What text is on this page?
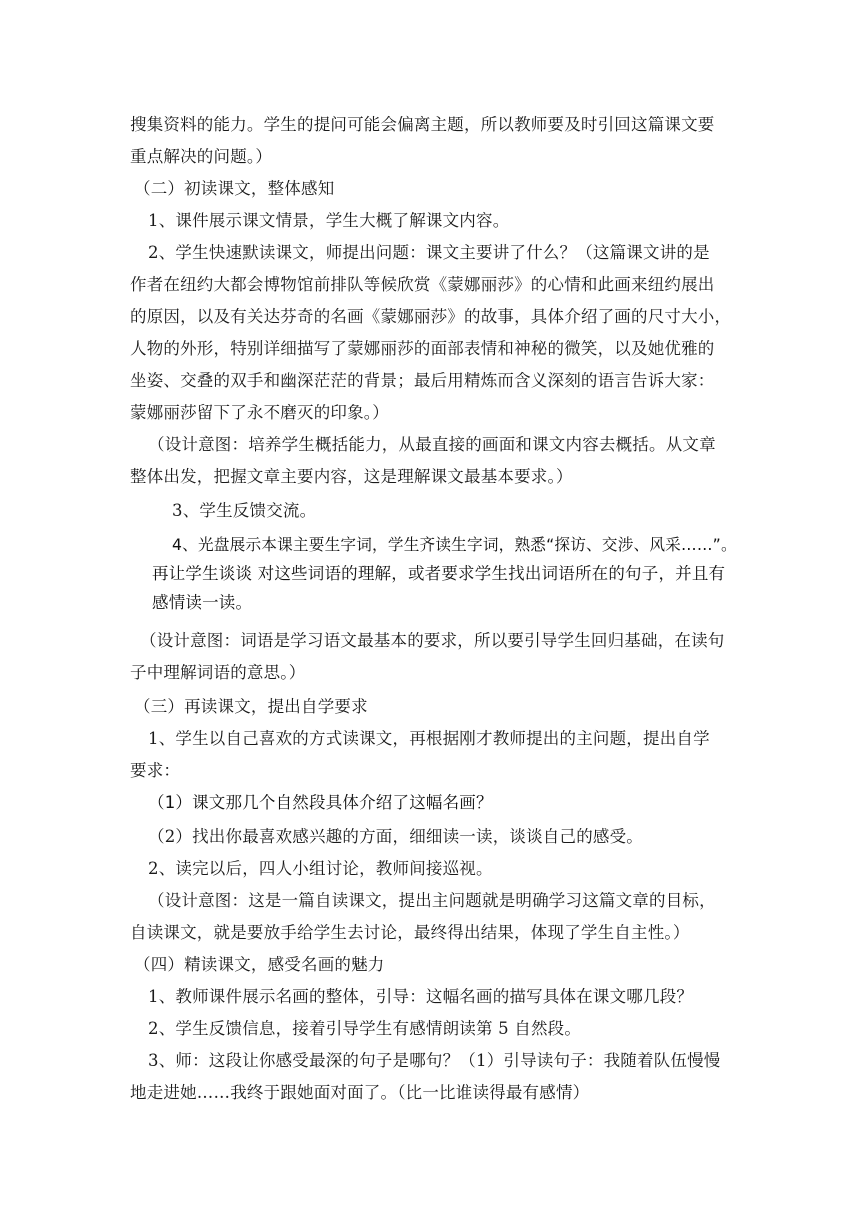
搜集资料的能力。学生的提问可能会偏离主题，所以教师要及时引回这篇课文要
重点解决的问题。）
（二）初读课文，整体感知
1、课件展示课文情景，学生大概了解课文内容。
2、学生快速默读课文，师提出问题：课文主要讲了什么？（这篇课文讲的是
作者在纽约大都会博物馆前排队等候欣赏《蒙娜丽莎》的心情和此画来纽约展出
的原因，以及有关达芬奇的名画《蒙娜丽莎》的故事，具体介绍了画的尺寸大小，
人物的外形，特别详细描写了蒙娜丽莎的面部表情和神秘的微笑，以及她优雅的
坐姿、交叠的双手和幽深茫茫的背景；最后用精炼而含义深刻的语言告诉大家：
蒙娜丽莎留下了永不磨灭的印象。）
（设计意图：培养学生概括能力，从最直接的画面和课文内容去概括。从文章
整体出发，把握文章主要内容，这是理解课文最基本要求。）
3、学生反馈交流。
4、光盘展示本课主要生字词，学生齐读生字词，熟悉“探访、交涉、风采……”。
再让学生谈谈 对这些词语的理解，或者要求学生找出词语所在的句子，并且有
感情读一读。
（设计意图：词语是学习语文最基本的要求，所以要引导学生回归基础，在读句
子中理解词语的意思。）
（三）再读课文，提出自学要求
1、学生以自己喜欢的方式读课文，再根据刚才教师提出的主问题，提出自学
要求：
（1）课文那几个自然段具体介绍了这幅名画？
（2）找出你最喜欢感兴趣的方面，细细读一读，谈谈自己的感受。
2、读完以后，四人小组讨论，教师间接巡视。
（设计意图：这是一篇自读课文，提出主问题就是明确学习这篇文章的目标，
自读课文，就是要放手给学生去讨论，最终得出结果，体现了学生自主性。）
（四）精读课文，感受名画的魅力
1、教师课件展示名画的整体，引导：这幅名画的描写具体在课文哪几段？
2、学生反馈信息，接着引导学生有感情朗读第 5 自然段。
3、师：这段让你感受最深的句子是哪句？（1）引导读句子：我随着队伍慢慢
地走进她……我终于跟她面对面了。（比一比谁读得最有感情）
